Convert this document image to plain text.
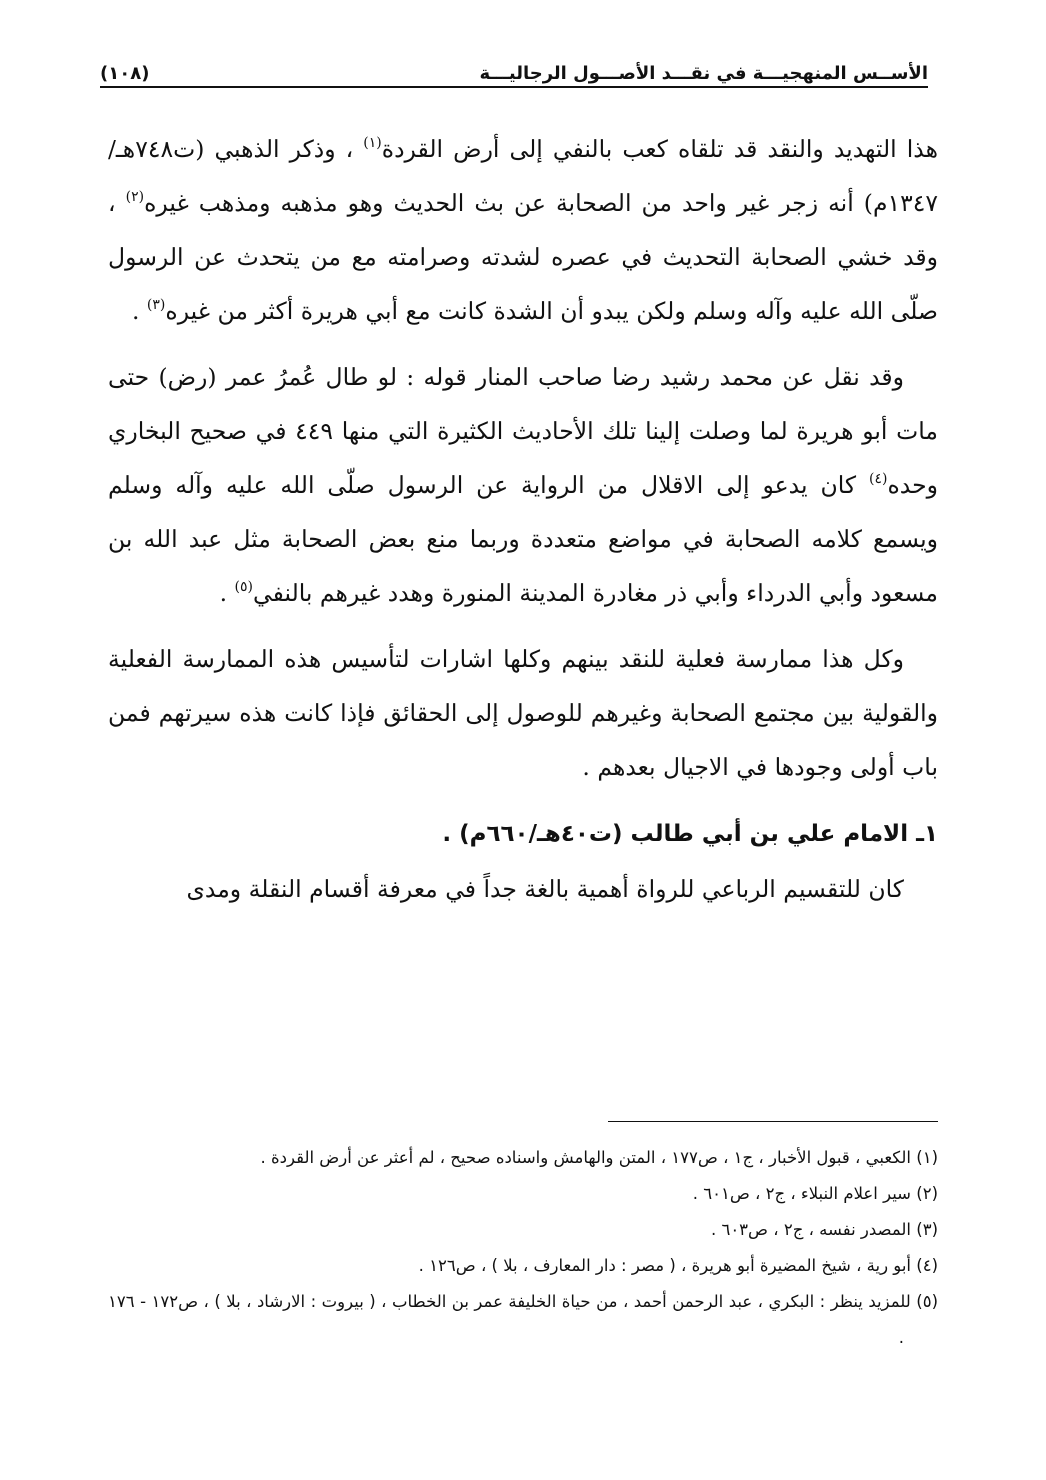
(١٠٨)	الأســس المنهجيـــة في نقـــد الأصـــول الرجاليـــة

هذا التهديد والنقد قد تلقاه كعب بالنفي إلى أرض القردة$^{(١)}$ ، وذكر الذهبي (ت٧٤٨هـ/١٣٤٧م) أنه زجر غير واحد من الصحابة عن بث الحديث وهو مذهبه ومذهب غيره$^{(٢)}$ ، وقد خشي الصحابة التحديث في عصره لشدته وصرامته مع من يتحدث عن الرسول صلّى الله عليه وآله وسلم ولكن يبدو أن الشدة كانت مع أبي هريرة أكثر من غيره$^{(٣)}$ .

وقد نقل عن محمد رشيد رضا صاحب المنار قوله : لو طال عُمرُ عمر (رض) حتى مات أبو هريرة لما وصلت إلينا تلك الأحاديث الكثيرة التي منها ٤٤٩ في صحيح البخاري وحده$^{(٤)}$ كان يدعو إلى الاقلال من الرواية عن الرسول صلّى الله عليه وآله وسلم ويسمع كلامه الصحابة في مواضع متعددة وربما منع بعض الصحابة مثل عبد الله بن مسعود وأبي الدرداء وأبي ذر مغادرة المدينة المنورة وهدد غيرهم بالنفي$^{(٥)}$ .

وكل هذا ممارسة فعلية للنقد بينهم وكلها اشارات لتأسيس هذه الممارسة الفعلية والقولية بين مجتمع الصحابة وغيرهم للوصول إلى الحقائق فإذا كانت هذه سيرتهم فمن باب أولى وجودها في الاجيال بعدهم .

١ـ الامام علي بن أبي طالب (ت٤٠هـ/٦٦٠م) .

كان للتقسيم الرباعي للرواة أهمية بالغة جداً في معرفة أقسام النقلة ومدى

(١) الكعبي ، قبول الأخبار ، ج١ ، ص١٧٧ ، المتن والهامش واسناده صحيح ، لم أعثر عن أرض القردة .

(٢) سير اعلام النبلاء ، ج٢ ، ص٦٠١ .

(٣) المصدر نفسه ، ج٢ ، ص٦٠٣ .

(٤) أبو رية ، شيخ المضيرة أبو هريرة ، ( مصر : دار المعارف ، بلا ) ، ص١٢٦ .

(٥) للمزيد ينظر : البكري ، عبد الرحمن أحمد ، من حياة الخليفة عمر بن الخطاب ، ( بيروت : الارشاد ، بلا ) ، ص١٧٢ - ١٧٦ .
